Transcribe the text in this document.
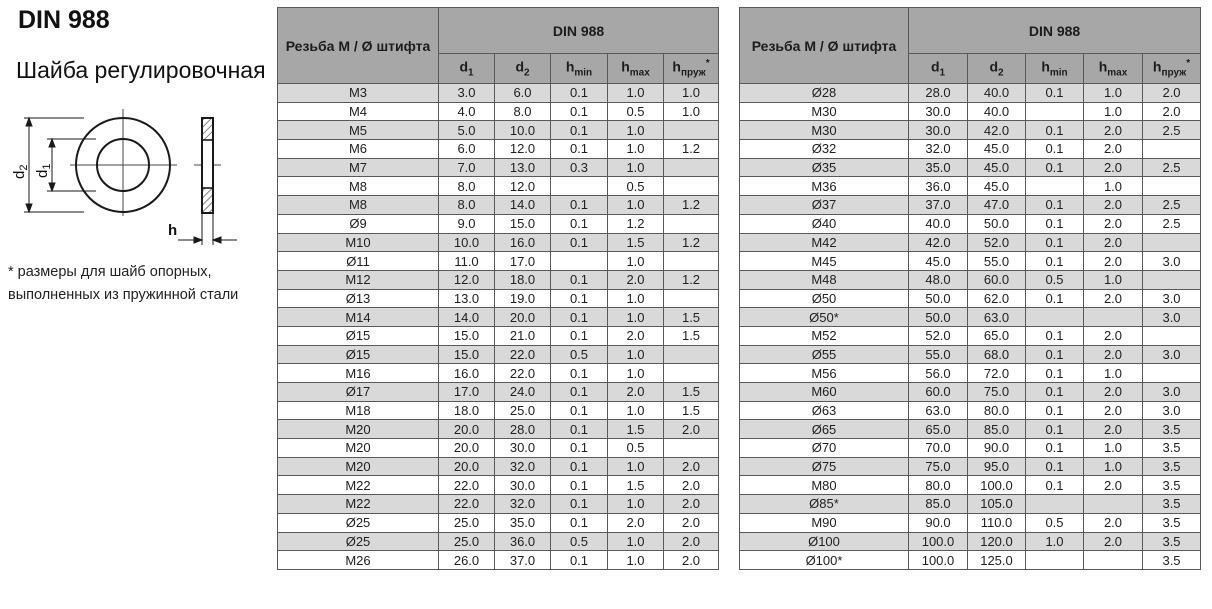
DIN 988
Шайба регулировочная
$d_2$
$d_1$
h
* размеры для шайб опорных,
выполненных из пружинной стали
Резьба М / Ø штифта	DIN 988				
	$d_1$	$d_2$	$h_{min}$	$h_{max}$	$h_{пруж}^*$
M3	3.0	6.0	0.1	1.0	1.0
M4	4.0	8.0	0.1	0.5	1.0
M5	5.0	10.0	0.1	1.0	
M6	6.0	12.0	0.1	1.0	1.2
M7	7.0	13.0	0.3	1.0	
M8	8.0	12.0		0.5	
M8	8.0	14.0	0.1	1.0	1.2
Ø9	9.0	15.0	0.1	1.2	
M10	10.0	16.0	0.1	1.5	1.2
Ø11	11.0	17.0		1.0	
M12	12.0	18.0	0.1	2.0	1.2
Ø13	13.0	19.0	0.1	1.0	
M14	14.0	20.0	0.1	1.0	1.5
Ø15	15.0	21.0	0.1	2.0	1.5
Ø15	15.0	22.0	0.5	1.0	
M16	16.0	22.0	0.1	1.0	
Ø17	17.0	24.0	0.1	2.0	1.5
M18	18.0	25.0	0.1	1.0	1.5
M20	20.0	28.0	0.1	1.5	2.0
M20	20.0	30.0	0.1	0.5	
M20	20.0	32.0	0.1	1.0	2.0
M22	22.0	30.0	0.1	1.5	2.0
M22	22.0	32.0	0.1	1.0	2.0
Ø25	25.0	35.0	0.1	2.0	2.0
Ø25	25.0	36.0	0.5	1.0	2.0
M26	26.0	37.0	0.1	1.0	2.0
Резьба М / Ø штифта	DIN 988				
	$d_1$	$d_2$	$h_{min}$	$h_{max}$	$h_{пруж}^*$
Ø28	28.0	40.0	0.1	1.0	2.0
M30	30.0	40.0		1.0	2.0
M30	30.0	42.0	0.1	2.0	2.5
Ø32	32.0	45.0	0.1	2.0	
Ø35	35.0	45.0	0.1	2.0	2.5
M36	36.0	45.0		1.0	
Ø37	37.0	47.0	0.1	2.0	2.5
Ø40	40.0	50.0	0.1	2.0	2.5
M42	42.0	52.0	0.1	2.0	
M45	45.0	55.0	0.1	2.0	3.0
M48	48.0	60.0	0.5	1.0	
Ø50	50.0	62.0	0.1	2.0	3.0
Ø50*	50.0	63.0			3.0
M52	52.0	65.0	0.1	2.0	
Ø55	55.0	68.0	0.1	2.0	3.0
M56	56.0	72.0	0.1	1.0	
M60	60.0	75.0	0.1	2.0	3.0
Ø63	63.0	80.0	0.1	2.0	3.0
Ø65	65.0	85.0	0.1	2.0	3.5
Ø70	70.0	90.0	0.1	1.0	3.5
Ø75	75.0	95.0	0.1	1.0	3.5
M80	80.0	100.0	0.1	2.0	3.5
Ø85*	85.0	105.0			3.5
M90	90.0	110.0	0.5	2.0	3.5
Ø100	100.0	120.0	1.0	2.0	3.5
Ø100*	100.0	125.0			3.5
